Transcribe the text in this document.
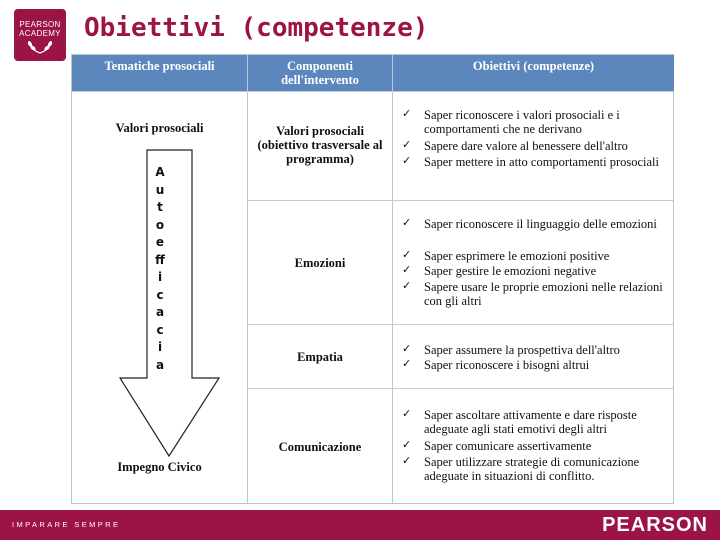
PEARSON
ACADEMY Obiettivi (competenze)
Tematiche prosociali	Componenti dell'intervento
Obiettivi (competenze)
Valori prosociali
A
u
t
o
e
ff
i
c
a
c
i
a
Impegno Civico
Valori prosociali (obiettivo trasversale al programma)
✓ Saper riconoscere i valori prosociali e i comportamenti che ne derivano
✓ Sapere dare valore al benessere dell'altro
✓ Saper mettere in atto comportamenti prosociali
Emozioni
✓ Saper riconoscere il linguaggio delle emozioni
✓ Saper esprimere le emozioni positive
✓ Saper gestire le emozioni negative
✓ Sapere usare le proprie emozioni nelle relazioni con gli altri
Empatia
✓ Saper assumere la prospettiva dell'altro
✓ Saper riconoscere i bisogni altrui
Comunicazione
✓ Saper ascoltare attivamente e dare risposte adeguate agli stati emotivi degli altri
✓ Saper comunicare assertivamente
✓ Saper utilizzare strategie di comunicazione adeguate in situazioni di conflitto.
IMPARARE SEMPRE	PEARSON
